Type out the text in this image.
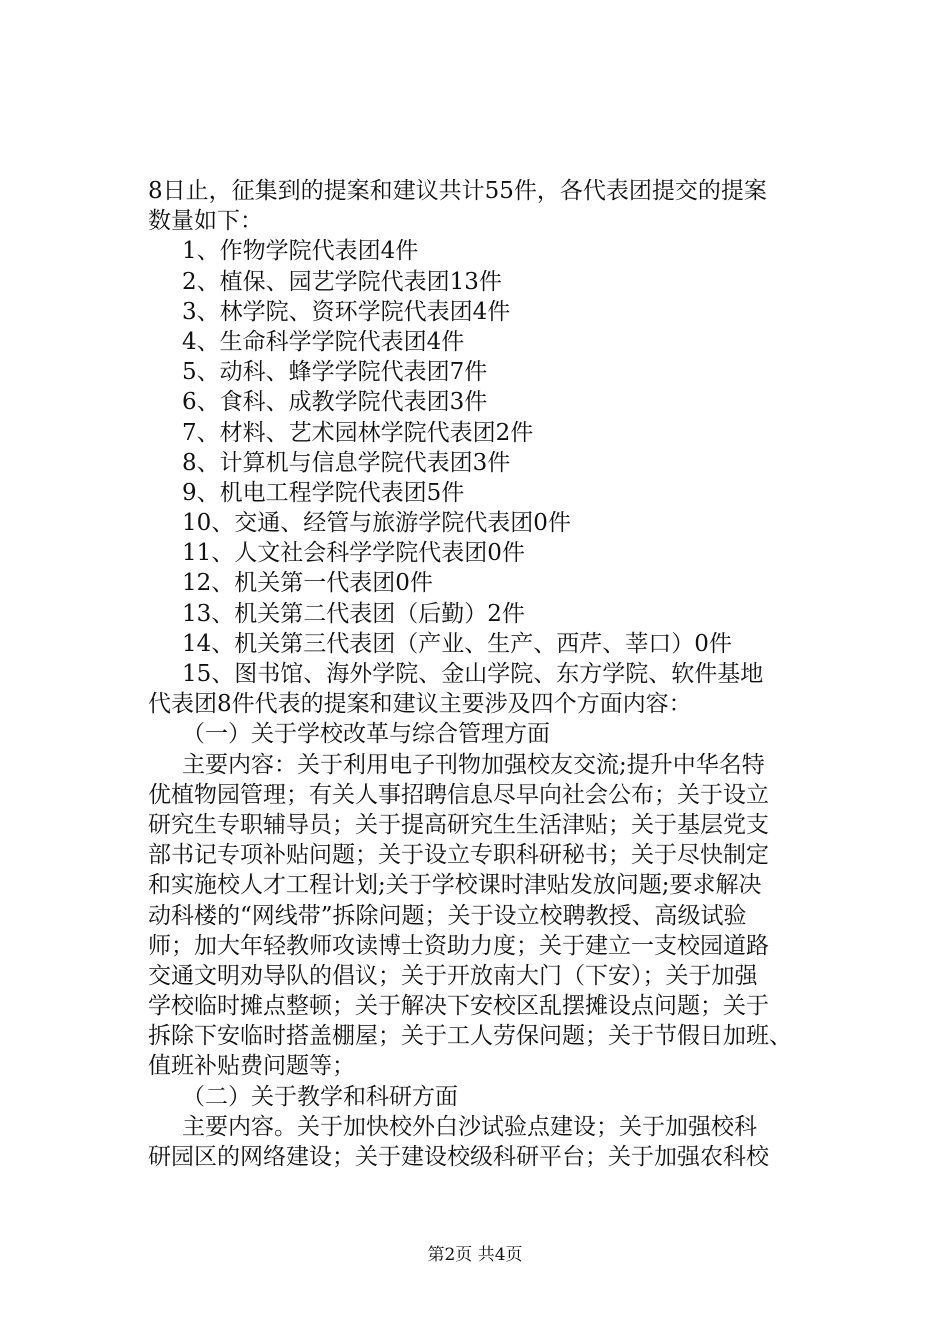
8日止，征集到的提案和建议共计55件，各代表团提交的提案
数量如下：
1、作物学院代表团4件
2、植保、园艺学院代表团13件
3、林学院、资环学院代表团4件
4、生命科学学院代表团4件
5、动科、蜂学学院代表团7件
6、食科、成教学院代表团3件
7、材料、艺术园林学院代表团2件
8、计算机与信息学院代表团3件
9、机电工程学院代表团5件
10、交通、经管与旅游学院代表团0件
11、人文社会科学学院代表团0件
12、机关第一代表团0件
13、机关第二代表团（后勤）2件
14、机关第三代表团（产业、生产、西芹、莘口）0件
15、图书馆、海外学院、金山学院、东方学院、软件基地
代表团8件代表的提案和建议主要涉及四个方面内容：
（一）关于学校改革与综合管理方面
主要内容：关于利用电子刊物加强校友交流;提升中华名特
优植物园管理；有关人事招聘信息尽早向社会公布；关于设立
研究生专职辅导员；关于提高研究生生活津贴；关于基层党支
部书记专项补贴问题；关于设立专职科研秘书；关于尽快制定
和实施校人才工程计划;关于学校课时津贴发放问题;要求解决
动科楼的“网线带”拆除问题；关于设立校聘教授、高级试验
师；加大年轻教师攻读博士资助力度；关于建立一支校园道路
交通文明劝导队的倡议；关于开放南大门（下安）；关于加强
学校临时摊点整顿；关于解决下安校区乱摆摊设点问题；关于
拆除下安临时搭盖棚屋；关于工人劳保问题；关于节假日加班、
值班补贴费问题等；
（二）关于教学和科研方面
主要内容。关于加快校外白沙试验点建设；关于加强校科
研园区的网络建设；关于建设校级科研平台；关于加强农科校
第2页 共4页
